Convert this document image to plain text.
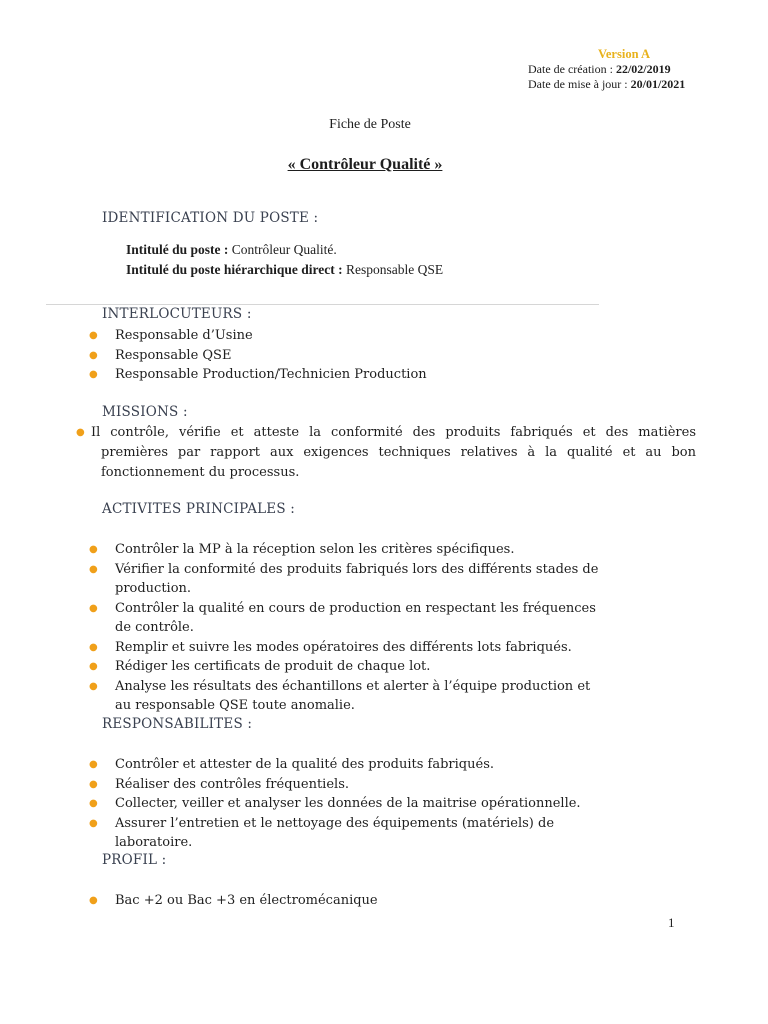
Version A
Date de création : 22/02/2019
Date de mise à jour : 20/01/2021
Fiche de Poste
« Contrôleur Qualité »
IDENTIFICATION DU POSTE :
Intitulé du poste : Contrôleur Qualité.
Intitulé du poste hiérarchique direct : Responsable QSE
INTERLOCUTEURS :
● Responsable d’Usine
● Responsable QSE
● Responsable Production/Technicien Production
MISSIONS :
● Il contrôle, vérifie et atteste la conformité des produits fabriqués et des matières premières par rapport aux exigences techniques relatives à la qualité et au bon fonctionnement du processus.
ACTIVITES PRINCIPALES :
● Contrôler la MP à la réception selon les critères spécifiques.
● Vérifier la conformité des produits fabriqués lors des différents stades de production.
● Contrôler la qualité en cours de production en respectant les fréquences de contrôle.
● Remplir et suivre les modes opératoires des différents lots fabriqués.
● Rédiger les certificats de produit de chaque lot.
● Analyse les résultats des échantillons et alerter à l’équipe production et au responsable QSE toute anomalie.
RESPONSABILITES :
● Contrôler et attester de la qualité des produits fabriqués.
● Réaliser des contrôles fréquentiels.
● Collecter, veiller et analyser les données de la maitrise opérationnelle.
● Assurer l’entretien et le nettoyage des équipements (matériels) de laboratoire.
PROFIL :
● Bac +2 ou Bac +3 en électromécanique
1
